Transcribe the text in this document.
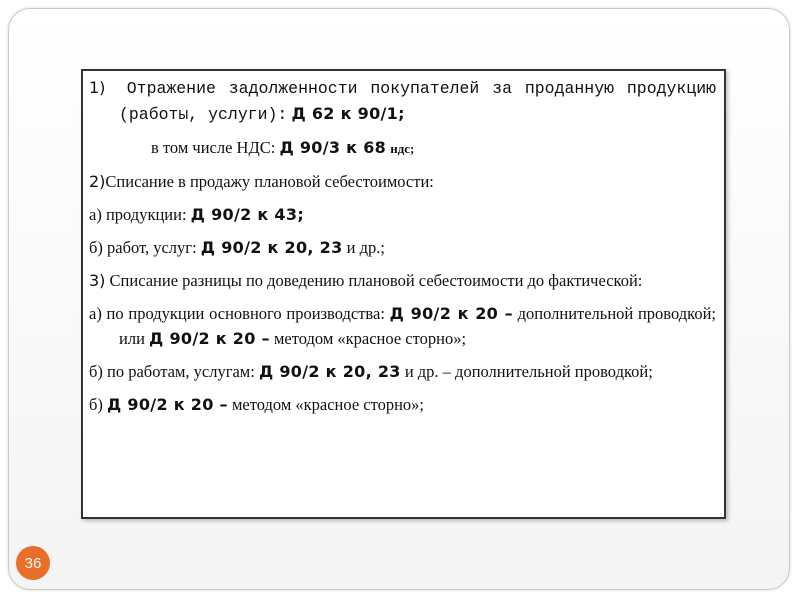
1) Отражение задолженности покупателей за проданную продукцию (работы, услуги): Д 62 к 90/1;

в том числе НДС: Д 90/3 к 68 ндс;

2)Списание в продажу плановой себестоимости:

а) продукции: Д 90/2 к 43;

б) работ, услуг: Д 90/2 к 20, 23 и др.;

3) Списание разницы по доведению плановой себестоимости до фактической:

а) по продукции основного производства: Д 90/2 к 20 – дополнительной проводкой; или Д 90/2 к 20 – методом «красное сторно»;

б) по работам, услугам: Д 90/2 к 20, 23 и др. – дополнительной проводкой;

б) Д 90/2 к 20 – методом «красное сторно»;

36
